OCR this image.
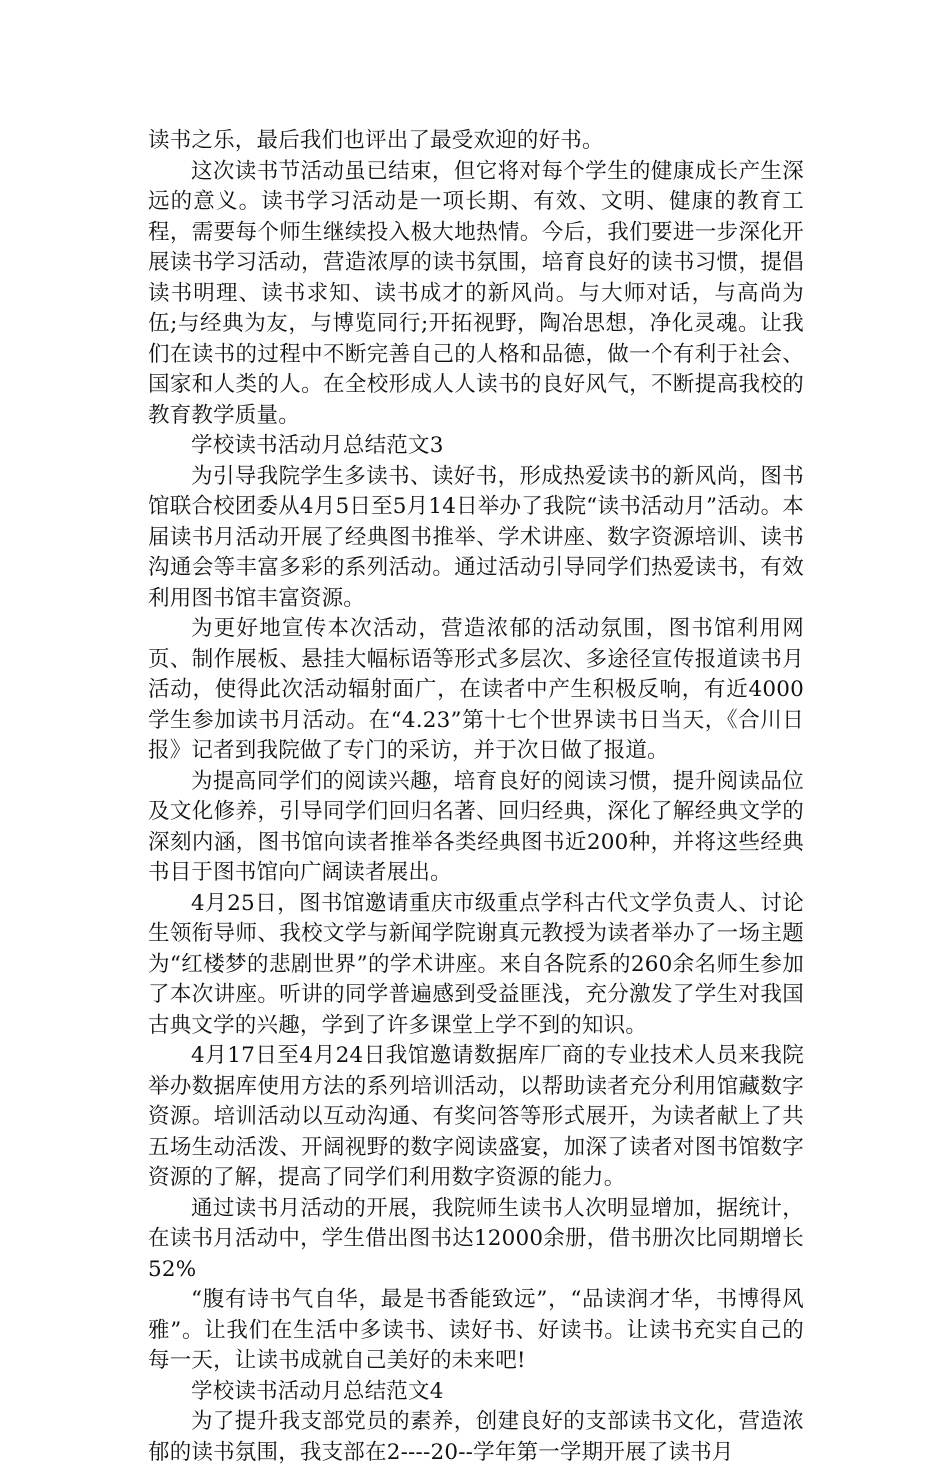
读书之乐，最后我们也评出了最受欢迎的好书。

这次读书节活动虽已结束，但它将对每个学生的健康成长产生深远的意义。读书学习活动是一项长期、有效、文明、健康的教育工程，需要每个师生继续投入极大地热情。今后，我们要进一步深化开展读书学习活动，营造浓厚的读书氛围，培育良好的读书习惯，提倡读书明理、读书求知、读书成才的新风尚。与大师对话，与高尚为伍;与经典为友，与博览同行;开拓视野，陶冶思想，净化灵魂。让我们在读书的过程中不断完善自己的人格和品德，做一个有利于社会、国家和人类的人。在全校形成人人读书的良好风气，不断提高我校的教育教学质量。

学校读书活动月总结范文3

为引导我院学生多读书、读好书，形成热爱读书的新风尚，图书馆联合校团委从4月5日至5月14日举办了我院“读书活动月”活动。本届读书月活动开展了经典图书推举、学术讲座、数字资源培训、读书沟通会等丰富多彩的系列活动。通过活动引导同学们热爱读书，有效利用图书馆丰富资源。

为更好地宣传本次活动，营造浓郁的活动氛围，图书馆利用网页、制作展板、悬挂大幅标语等形式多层次、多途径宣传报道读书月活动，使得此次活动辐射面广，在读者中产生积极反响，有近4000学生参加读书月活动。在“4.23”第十七个世界读书日当天，《合川日报》记者到我院做了专门的采访，并于次日做了报道。

为提高同学们的阅读兴趣，培育良好的阅读习惯，提升阅读品位及文化修养，引导同学们回归名著、回归经典，深化了解经典文学的深刻内涵，图书馆向读者推举各类经典图书近200种，并将这些经典书目于图书馆向广阔读者展出。

4月25日，图书馆邀请重庆市级重点学科古代文学负责人、讨论生领衔导师、我校文学与新闻学院谢真元教授为读者举办了一场主题为“红楼梦的悲剧世界”的学术讲座。来自各院系的260余名师生参加了本次讲座。听讲的同学普遍感到受益匪浅，充分激发了学生对我国古典文学的兴趣，学到了许多课堂上学不到的知识。

4月17日至4月24日我馆邀请数据库厂商的专业技术人员来我院举办数据库使用方法的系列培训活动，以帮助读者充分利用馆藏数字资源。培训活动以互动沟通、有奖问答等形式展开，为读者献上了共五场生动活泼、开阔视野的数字阅读盛宴，加深了读者对图书馆数字资源的了解，提高了同学们利用数字资源的能力。

通过读书月活动的开展，我院师生读书人次明显增加，据统计，在读书月活动中，学生借出图书达12000余册，借书册次比同期增长52%

“腹有诗书气自华，最是书香能致远”，“品读润才华，书博得风雅”。让我们在生活中多读书、读好书、好读书。让读书充实自己的每一天，让读书成就自己美好的未来吧!

学校读书活动月总结范文4

为了提升我支部党员的素养，创建良好的支部读书文化，营造浓郁的读书氛围，我支部在2----20--学年第一学期开展了读书月
